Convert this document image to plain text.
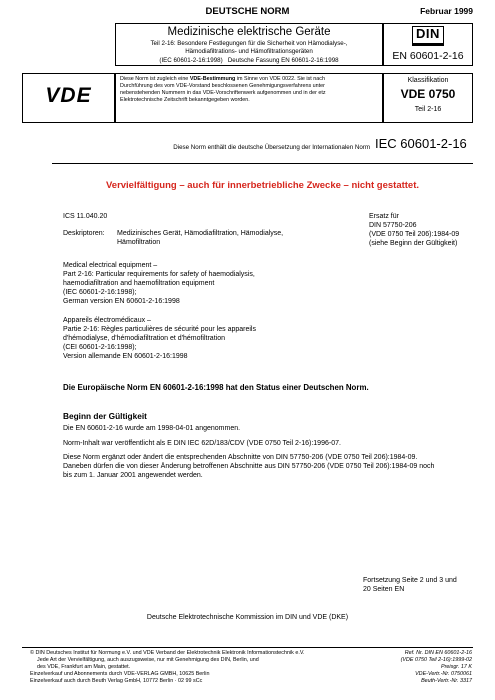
DEUTSCHE NORM	Februar 1999
Medizinische elektrische Geräte
Teil 2-16: Besondere Festlegungen für die Sicherheit von Hämodialyse-,
Hämodiafiltrations- und Hämofiltrationsgeräten
(IEC 60601-2-16:1998)   Deutsche Fassung EN 60601-2-16:1998
DIN
EN 60601-2-16
VDE
Diese Norm ist zugleich eine VDE-Bestimmung im Sinne von VDE 0022. Sie ist nach
Durchführung des vom VDE-Vorstand beschlossenen Genehmigungsverfahrens unter
nebenstehenden Nummern in das VDE-Vorschriftenwerk aufgenommen und in der etz
Elektrotechnische Zeitschrift bekanntgegeben worden.
Klassifikation
VDE 0750
Teil 2-16
Diese Norm enthält die deutsche Übersetzung der Internationalen Norm IEC 60601-2-16
Vervielfältigung – auch für innerbetriebliche Zwecke – nicht gestattet.
ICS 11.040.20
Deskriptoren: Medizinisches Gerät, Hämodiafiltration, Hämodialyse,
Hämofiltration
Ersatz für
DIN 57750-206
(VDE 0750 Teil 206):1984-09
(siehe Beginn der Gültigkeit)
Medical electrical equipment –
Part 2-16: Particular requirements for safety of haemodialysis,
haemodiafiltration and haemofiltration equipment
(IEC 60601-2-16:1998);
German version EN 60601-2-16:1998
Appareils électromédicaux –
Partie 2-16: Règles particulières de sécurité pour les appareils
d'hémodialyse, d'hémodiafiltration et d'hémofiltration
(CEI 60601-2-16:1998);
Version allemande EN 60601-2-16:1998
Die Europäische Norm EN 60601-2-16:1998 hat den Status einer Deutschen Norm.
Beginn der Gültigkeit
Die EN 60601-2-16 wurde am 1998-04-01 angenommen.
Norm-Inhalt war veröffentlicht als E DIN IEC 62D/183/CDV (VDE 0750 Teil 2-16):1996-07.
Diese Norm ergänzt oder ändert die entsprechenden Abschnitte von DIN 57750-206 (VDE 0750 Teil 206):1984-09.
Daneben dürfen die von dieser Änderung betroffenen Abschnitte aus DIN 57750-206 (VDE 0750 Teil 206):1984-09 noch
bis zum 1. Januar 2001 angewendet werden.
Fortsetzung Seite 2 und 3 und
20 Seiten EN
Deutsche Elektrotechnische Kommission im DIN und VDE (DKE)
© DIN Deutsches Institut für Normung e.V. und VDE Verband der Elektrotechnik Elektronik Informationstechnik e.V.
Jede Art der Vervielfältigung, auch auszugsweise, nur mit Genehmigung des DIN, Berlin, und
des VDE, Frankfurt am Main, gestattet.
Einzelverkauf und Abonnements durch VDE-VERLAG GMBH, 10625 Berlin
Einzelverkauf auch durch Beuth Verlag GmbH, 10772 Berlin · 02 99 sCc
Ref. Nr. DIN EN 60601-2-16
(VDE 0750 Teil 2-16):1999-02
Preisgr. 17 K
VDE-Vertr.-Nr. 0750061
Beuth-Vertr.-Nr. 3317
